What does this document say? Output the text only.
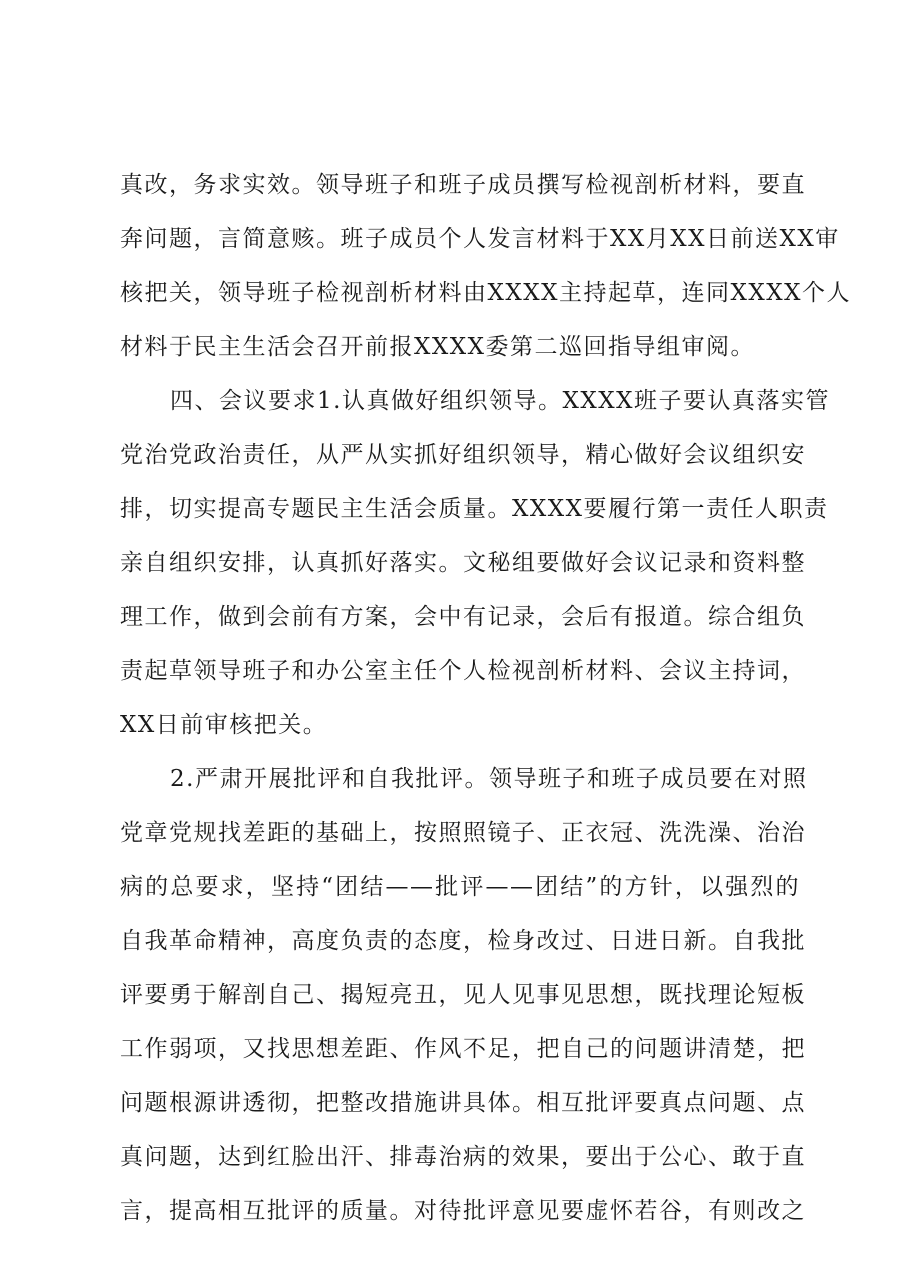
真改，务求实效。领导班子和班子成员撰写检视剖析材料，要直
奔问题，言简意赅。班子成员个人发言材料于XX月XX日前送XX审
核把关，领导班子检视剖析材料由XXXX主持起草，连同XXXX个人
材料于民主生活会召开前报XXXX委第二巡回指导组审阅。
四、会议要求1.认真做好组织领导。XXXX班子要认真落实管
党治党政治责任，从严从实抓好组织领导，精心做好会议组织安
排，切实提高专题民主生活会质量。XXXX要履行第一责任人职责
亲自组织安排，认真抓好落实。文秘组要做好会议记录和资料整
理工作，做到会前有方案，会中有记录，会后有报道。综合组负
责起草领导班子和办公室主任个人检视剖析材料、会议主持词，
XX日前审核把关。
2.严肃开展批评和自我批评。领导班子和班子成员要在对照
党章党规找差距的基础上，按照照镜子、正衣冠、洗洗澡、治治
病的总要求，坚持“团结——批评——团结”的方针，以强烈的
自我革命精神，高度负责的态度，检身改过、日进日新。自我批
评要勇于解剖自己、揭短亮丑，见人见事见思想，既找理论短板
工作弱项，又找思想差距、作风不足，把自己的问题讲清楚，把
问题根源讲透彻，把整改措施讲具体。相互批评要真点问题、点
真问题，达到红脸出汗、排毒治病的效果，要出于公心、敢于直
言，提高相互批评的质量。对待批评意见要虚怀若谷，有则改之
